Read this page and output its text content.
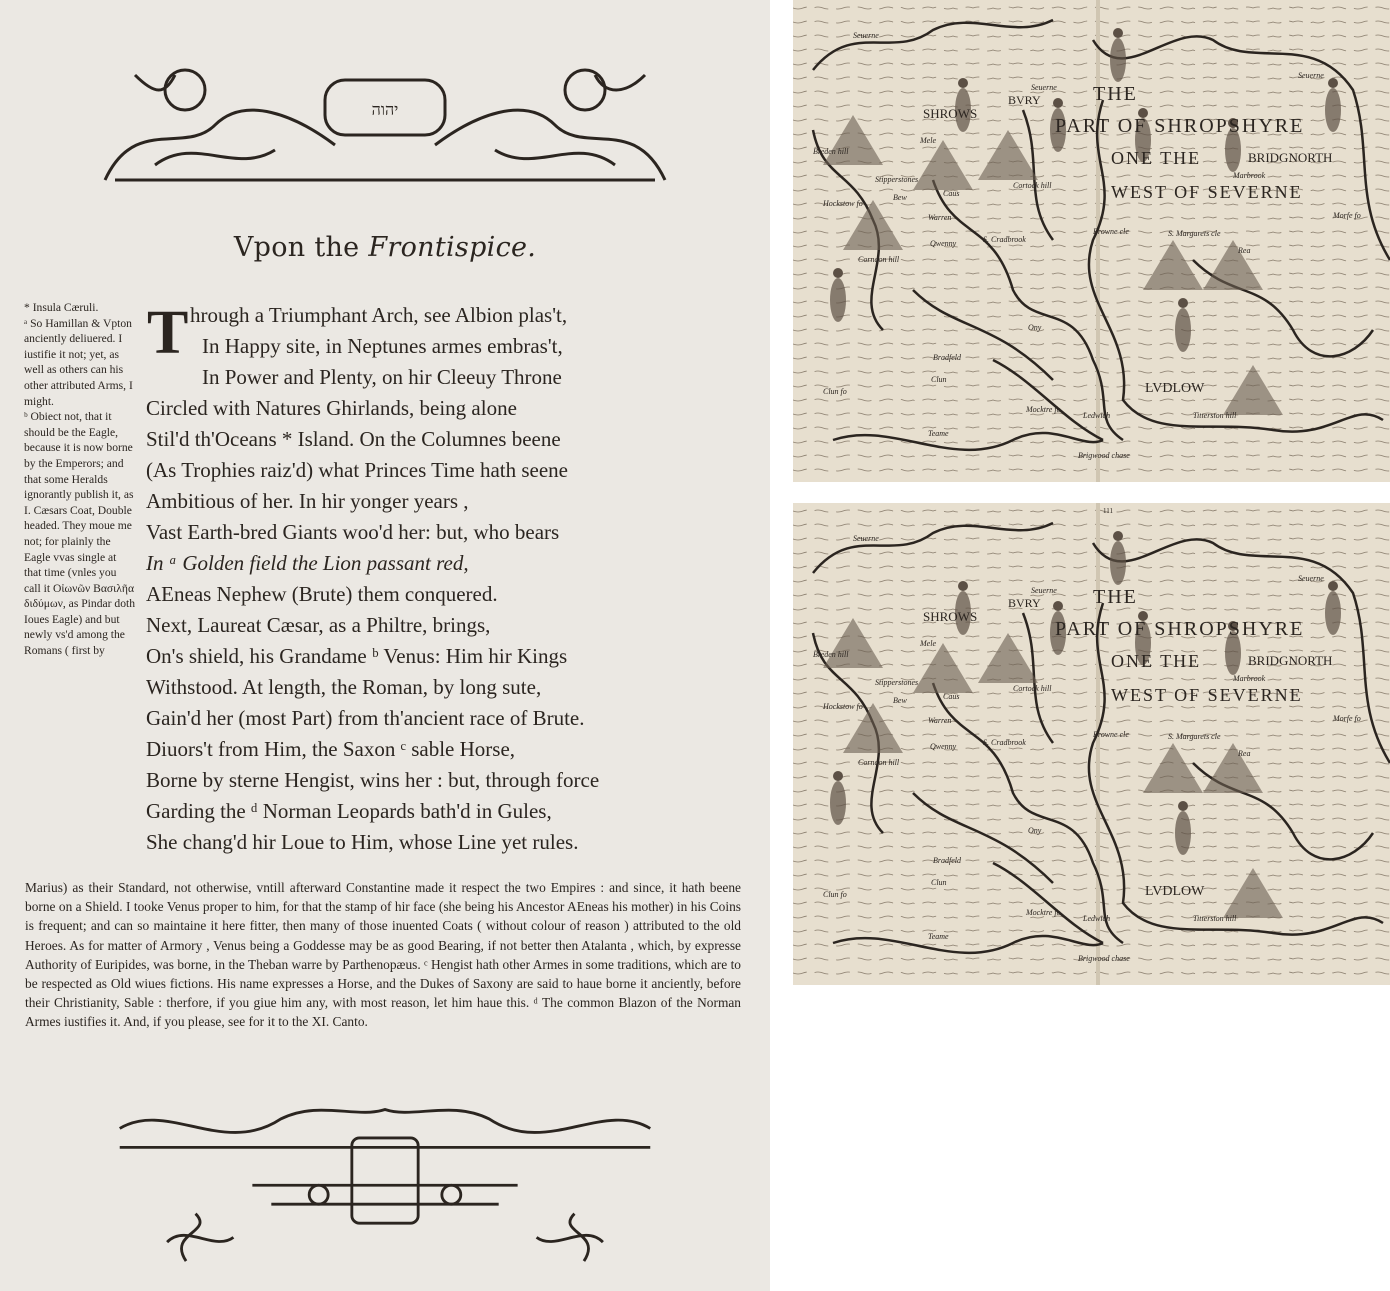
יהוה
Vpon the Frontispice.
* Insula Cæruli.
ᵃ So Hamillan & Vpton anciently deliuered. I iustifie it not; yet, as well as others can his other attributed Arms, I might.
ᵇ Obiect not, that it should be the Eagle, because it is now borne by the Emperors; and that some Heralds ignorantly publish it, as I. Cæsars Coat, Double headed. They moue me not; for plainly the Eagle vvas single at that time (vnles you call it Οἰωνῶν Βασιλῆα διδύμων, as Pindar doth Ioues Eagle) and but newly vs'd among the Romans ( first by
T hrough a Triumphant Arch, see Albion plas't,
In Happy site, in Neptunes armes embras't,
In Power and Plenty, on hir Cleeuy Throne
Circled with Natures Ghirlands, being alone
Stil'd th'Oceans * Island. On the Columnes beene
(As Trophies raiz'd) what Princes Time hath seene
Ambitious of her. In hir yonger years ,
Vast Earth-bred Giants woo'd her: but, who bears
In ᵃ Golden field the Lion passant red,
AEneas Nephew (Brute) them conquered.
Next, Laureat Cæsar, as a Philtre, brings,
On's shield, his Grandame ᵇ Venus: Him hir Kings
Withstood. At length, the Roman, by long sute,
Gain'd her (most Part) from th'ancient race of Brute.
Diuors't from Him, the Saxon ᶜ sable Horse,
Borne by sterne Hengist, wins her : but, through force
Garding the ᵈ Norman Leopards bath'd in Gules,
She chang'd hir Loue to Him, whose Line yet rules.
Marius) as their Standard, not otherwise, vntill afterward Constantine made it respect the two Empires : and since, it hath beene borne on a Shield. I tooke Venus proper to him, for that the stamp of hir face (she being his Ancestor AEneas his mother) in his Coins is frequent; and can so maintaine it here fitter, then many of those inuented Coats ( without colour of reason ) attributed to the old Heroes. As for matter of Armory , Venus being a Goddesse may be as good Bearing, if not better then Atalanta , which, by expresse Authority of Euripides, was borne, in the Theban warre by Parthenopæus. ᶜ Hengist hath other Armes in some traditions, which are to be respected as Old wiues fictions. His name expresses a Horse, and the Dukes of Saxony are said to haue borne it anciently, before their Christianity, Sable : therfore, if you giue him any, with most reason, let him haue this. ᵈ The common Blazon of the Norman Armes iustifies it. And, if you please, see for it to the XI. Canto.
THE
PART OF SHROPSHYRE
ONE THE
WEST OF SEVERNE
SHROWS
BVRY
BRIDGNORTH
LVDLOW
Seuerne
Seuerne
Seuerne
Mele
Breden hill
Hockstow fo
Stipperstones
Bew	Caus
Warren
Cortock hill
Qwenny	S. Cradbrook
Corndon hill
Clun fo
Clun
Bradfeld
Teame
Mocktre fo
Ony
Browne cle	S. Margarets cle
Marbrook
Morfe fo
Rea
Ledwich	Titterston hill
Brigwood chase
THE
PART OF SHROPSHYRE
ONE THE
WEST OF SEVERNE
SHROWS
BVRY
BRIDGNORTH
LVDLOW
Seuerne
Seuerne
Seuerne
Mele
Breden hill
Hockstow fo
Stipperstones
Bew	Caus
Warren
Cortock hill
Qwenny	S. Cradbrook
Corndon hill
Clun fo
Clun
Bradfeld
Teame
Mocktre fo
Ony
Browne cle	S. Margarets cle
Marbrook
Morfe fo
Rea
Ledwich	Titterston hill
Brigwood chase
111
